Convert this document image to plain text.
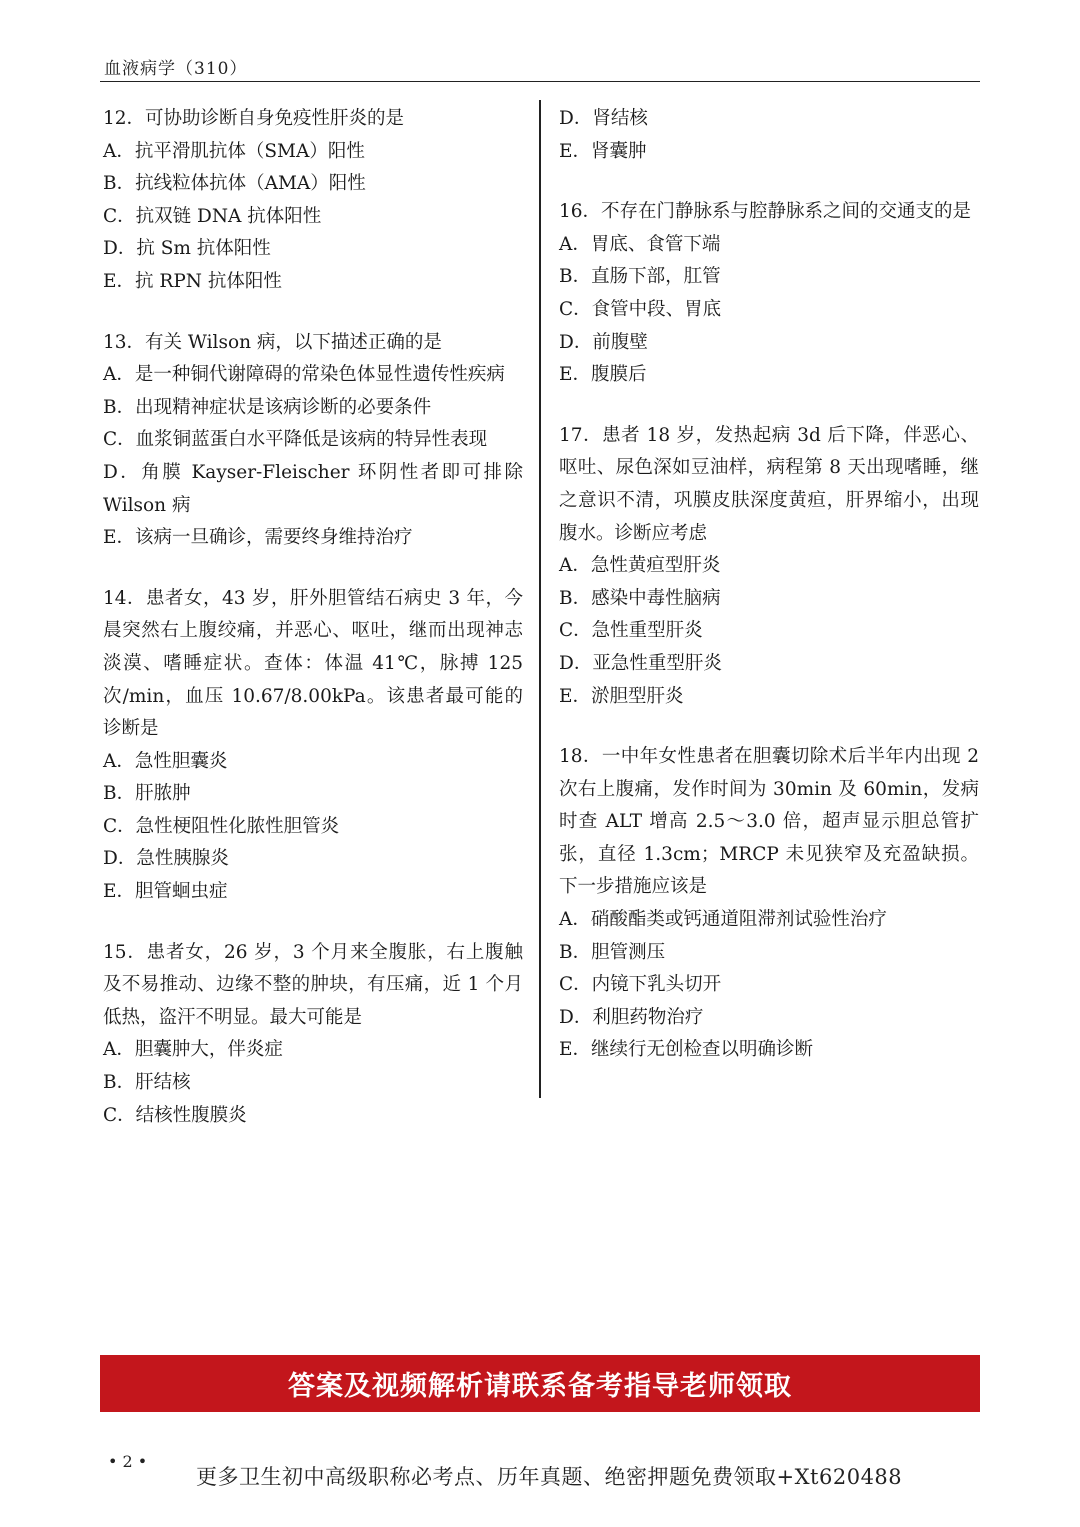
血液病学（310）

12．可协助诊断自身免疫性肝炎的是

A．抗平滑肌抗体（SMA）阳性

B．抗线粒体抗体（AMA）阳性

C．抗双链 DNA 抗体阳性

D．抗 Sm 抗体阳性

E．抗 RPN 抗体阳性

13．有关 Wilson 病，以下描述正确的是

A．是一种铜代谢障碍的常染色体显性遗传性疾病

B．出现精神症状是该病诊断的必要条件

C．血浆铜蓝蛋白水平降低是该病的特异性表现

D．角膜 Kayser-Fleischer 环阴性者即可排除 Wilson 病

E．该病一旦确诊，需要终身维持治疗

14．患者女，43 岁，肝外胆管结石病史 3 年，今晨突然右上腹绞痛，并恶心、呕吐，继而出现神志淡漠、嗜睡症状。查体：体温 41℃，脉搏 125 次/min，血压 10.67/8.00kPa。该患者最可能的诊断是

A．急性胆囊炎

B．肝脓肿

C．急性梗阻性化脓性胆管炎

D．急性胰腺炎

E．胆管蛔虫症

15．患者女，26 岁，3 个月来全腹胀，右上腹触及不易推动、边缘不整的肿块，有压痛，近 1 个月低热，盗汗不明显。最大可能是

A．胆囊肿大，伴炎症

B．肝结核

C．结核性腹膜炎

D．肾结核

E．肾囊肿

16．不存在门静脉系与腔静脉系之间的交通支的是

A．胃底、食管下端

B．直肠下部，肛管

C．食管中段、胃底

D．前腹壁

E．腹膜后

17．患者 18 岁，发热起病 3d 后下降，伴恶心、呕吐、尿色深如豆油样，病程第 8 天出现嗜睡，继之意识不清，巩膜皮肤深度黄疸，肝界缩小，出现腹水。诊断应考虑

A．急性黄疸型肝炎

B．感染中毒性脑病

C．急性重型肝炎

D．亚急性重型肝炎

E．淤胆型肝炎

18．一中年女性患者在胆囊切除术后半年内出现 2 次右上腹痛，发作时间为 30min 及 60min，发病时查 ALT 增高 2.5～3.0 倍，超声显示胆总管扩张，直径 1.3cm；MRCP 未见狭窄及充盈缺损。下一步措施应该是

A．硝酸酯类或钙通道阻滞剂试验性治疗

B．胆管测压

C．内镜下乳头切开

D．利胆药物治疗

E．继续行无创检查以明确诊断

答案及视频解析请联系备考指导老师领取
• 2 •
更多卫生初中高级职称必考点、历年真题、绝密押题免费领取+Xt620488
